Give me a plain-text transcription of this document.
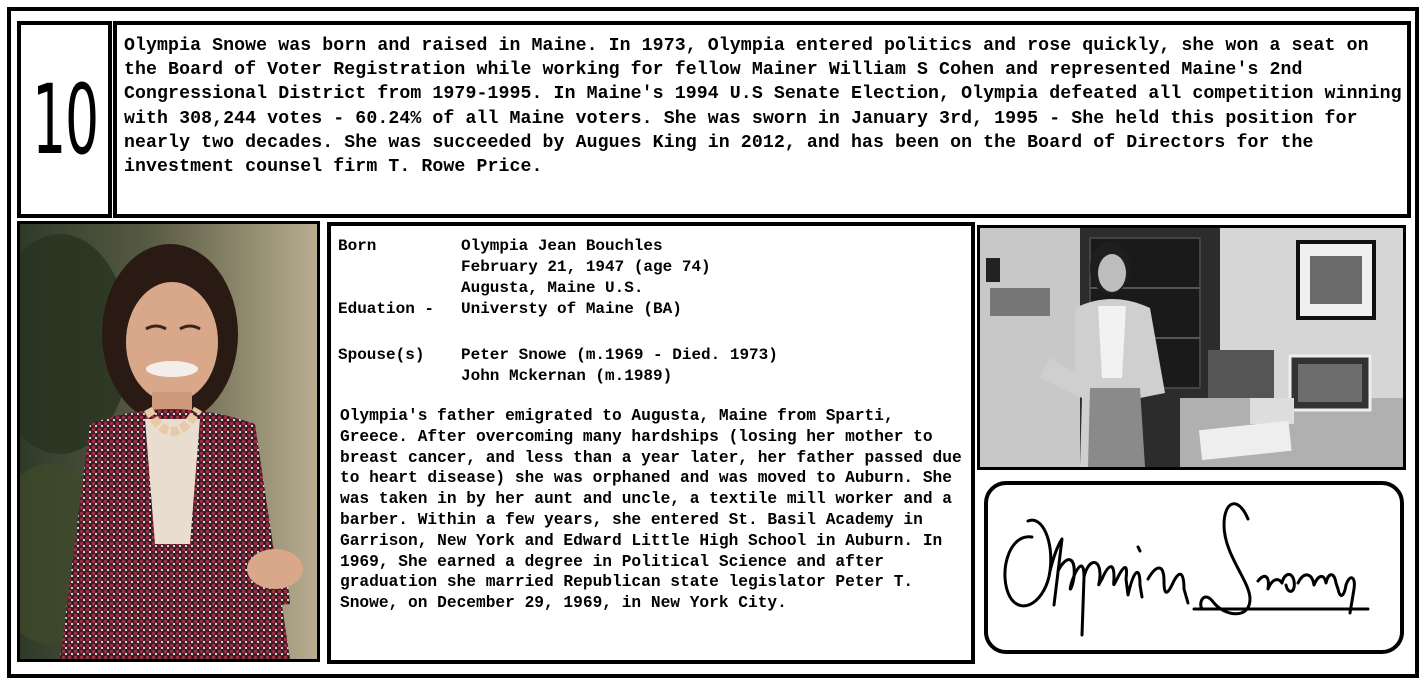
10

Olympia Snowe was born and raised in Maine. In 1973, Olympia entered politics and rose quickly, she won a seat on the Board of Voter Registration while working for fellow Mainer William S Cohen and represented Maine's 2nd Congressional District from 1979-1995. In Maine's 1994 U.S Senate Election, Olympia defeated all competition winning with 308,244 votes - 60.24% of all Maine voters. She was sworn in January 3rd, 1995 - She held this position for nearly two decades. She was succeeded by Augues King in 2012, and has been on the Board of Directors for the investment counsel firm T. Rowe Price.

Born	Olympia Jean Bouchles
February 21, 1947 (age 74)
Augusta, Maine U.S.
Eduation -	Universty of Maine (BA)
Spouse(s)	Peter Snowe (m.1969 - Died. 1973)
John Mckernan (m.1989)

Olympia's father emigrated to Augusta, Maine from Sparti, Greece. After overcoming many hardships (losing her mother to breast cancer, and less than a year later, her father passed due to heart disease) she was orphaned and was moved to Auburn. She was taken in by her aunt and uncle, a textile mill worker and a barber. Within a few years, she entered St. Basil Academy in Garrison, New York and Edward Little High School in Auburn. In 1969, She earned a degree in Political Science and after graduation she married Republican state legislator Peter T. Snowe, on December 29, 1969, in New York City.
